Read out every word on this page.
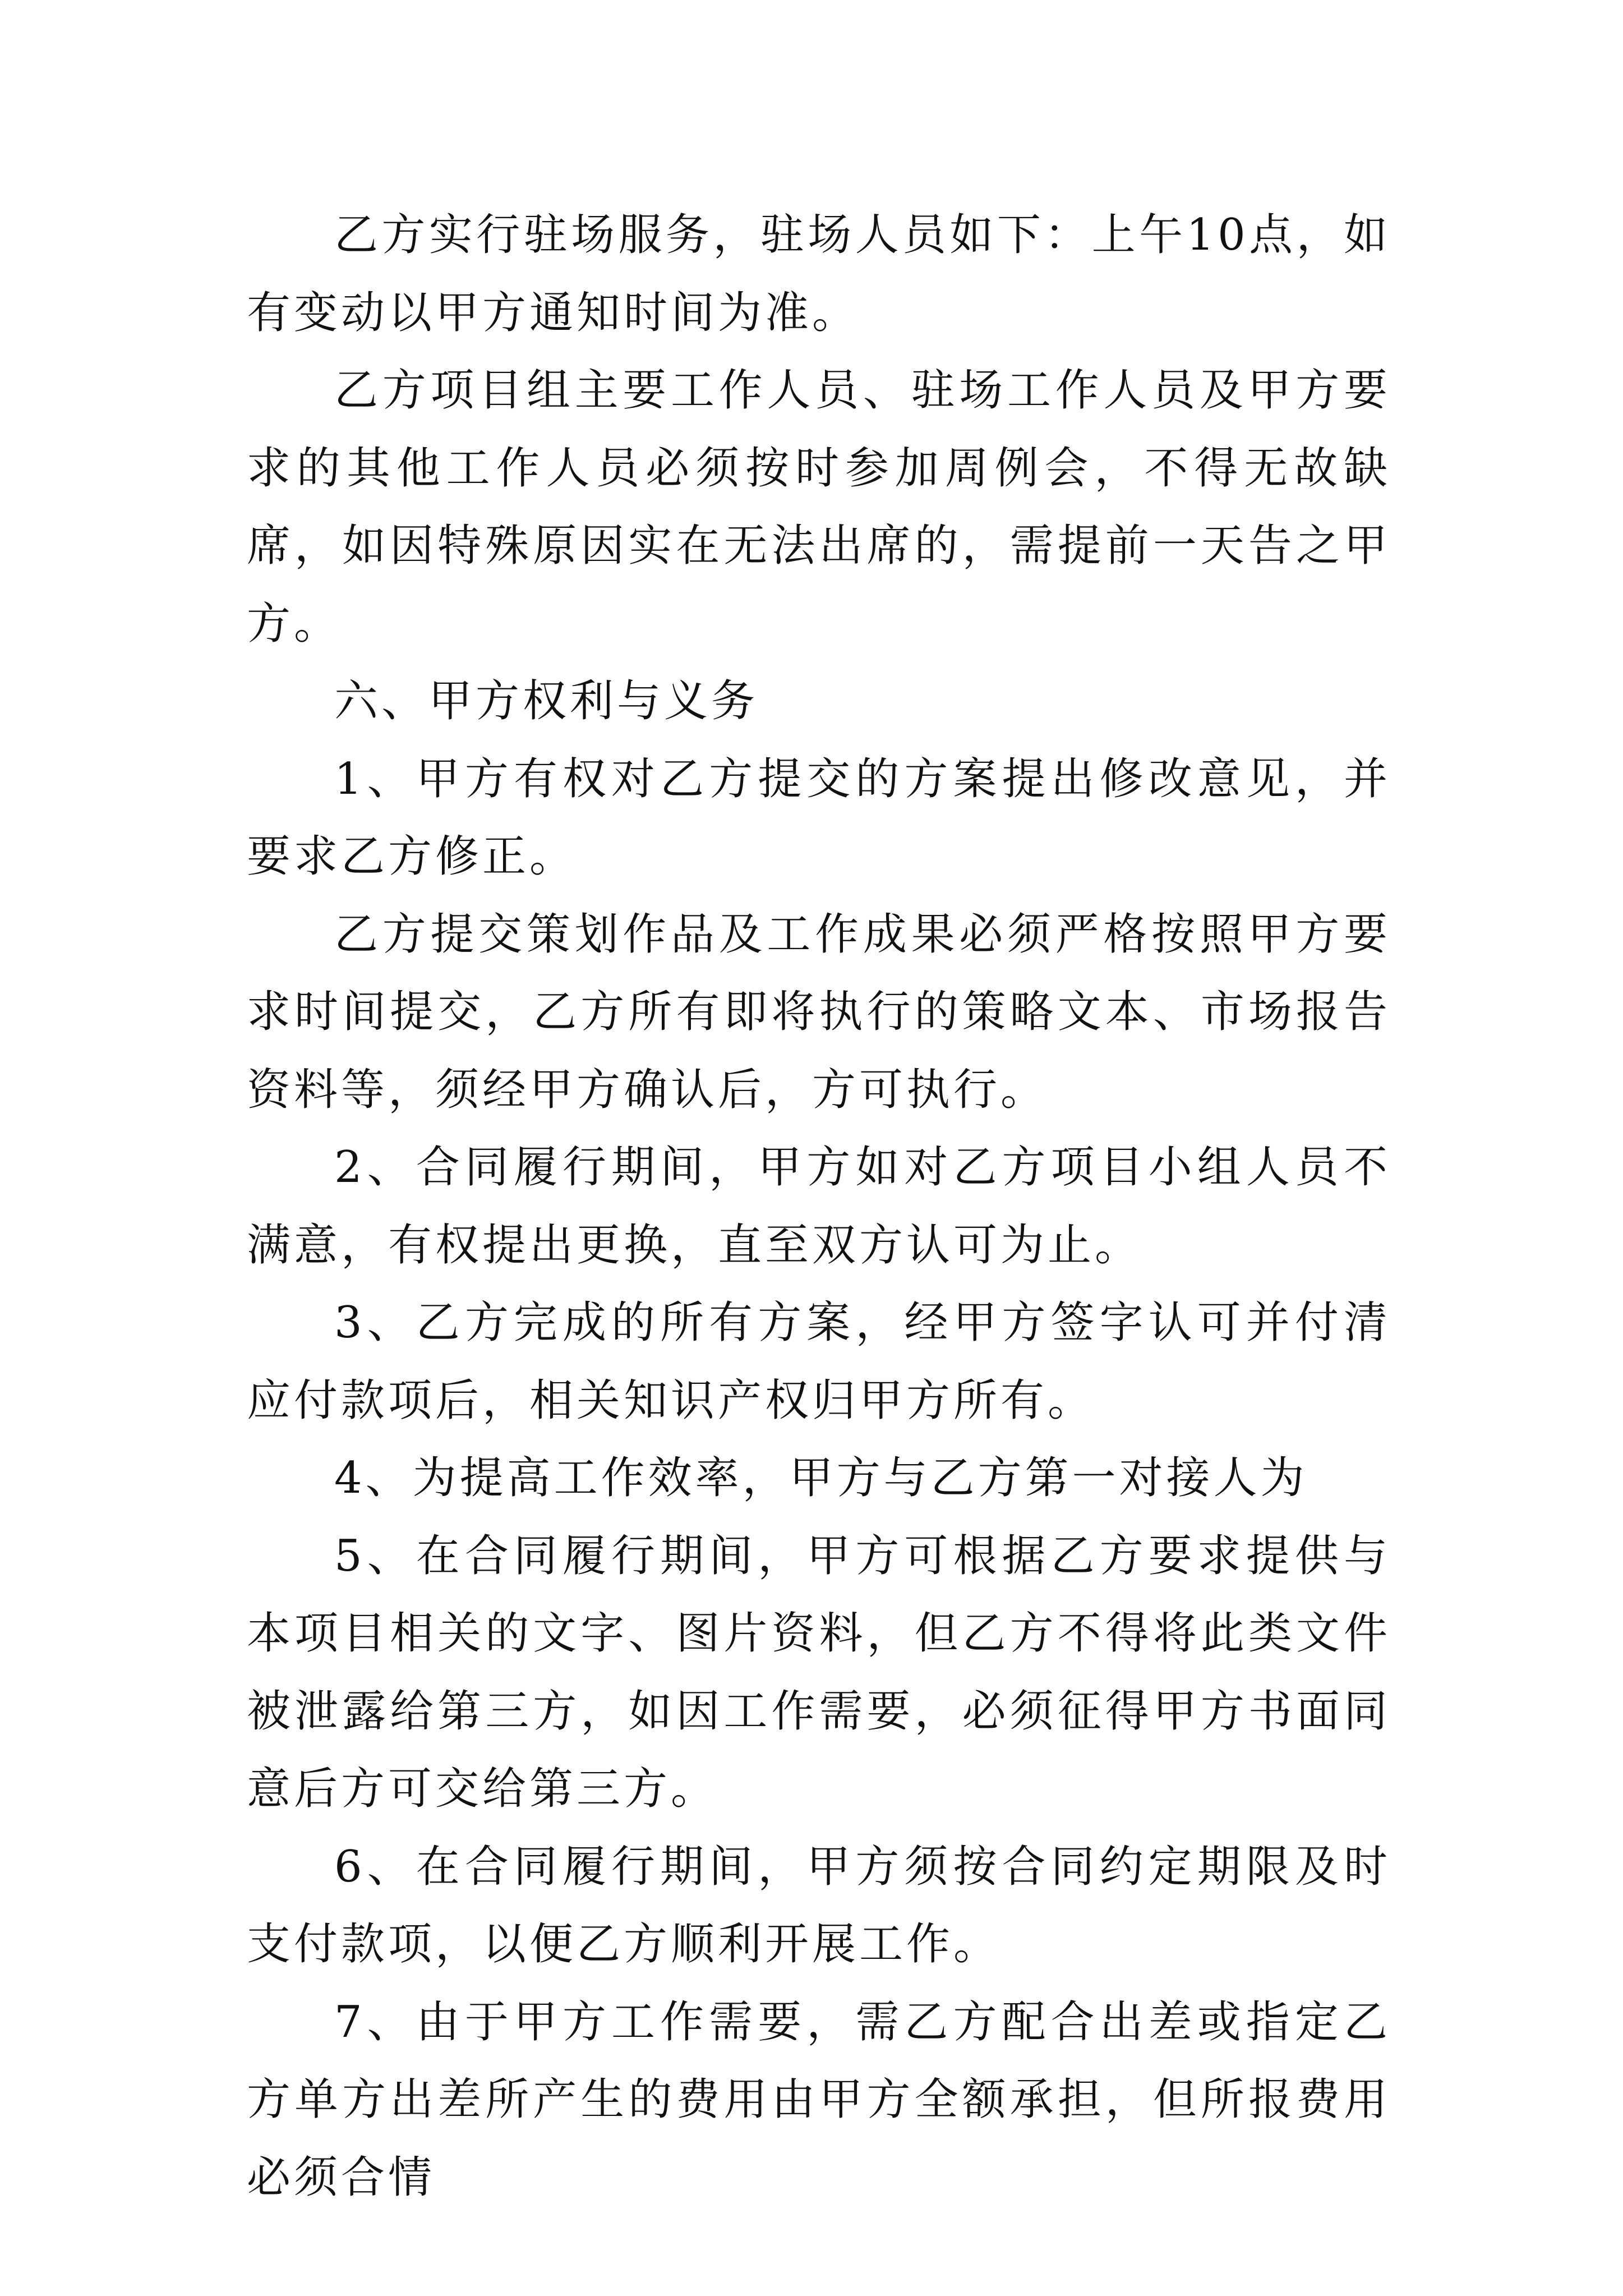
乙方实行驻场服务，驻场人员如下：上午10点，如有变动以甲方通知时间为准。

乙方项目组主要工作人员、驻场工作人员及甲方要求的其他工作人员必须按时参加周例会，不得无故缺席，如因特殊原因实在无法出席的，需提前一天告之甲方。

六、甲方权利与义务

1、甲方有权对乙方提交的方案提出修改意见，并要求乙方修正。

乙方提交策划作品及工作成果必须严格按照甲方要求时间提交，乙方所有即将执行的策略文本、市场报告资料等，须经甲方确认后，方可执行。

2、合同履行期间，甲方如对乙方项目小组人员不满意，有权提出更换，直至双方认可为止。

3、乙方完成的所有方案，经甲方签字认可并付清应付款项后，相关知识产权归甲方所有。

4、为提高工作效率，甲方与乙方第一对接人为

5、在合同履行期间，甲方可根据乙方要求提供与本项目相关的文字、图片资料，但乙方不得将此类文件被泄露给第三方，如因工作需要，必须征得甲方书面同意后方可交给第三方。

6、在合同履行期间，甲方须按合同约定期限及时支付款项，以便乙方顺利开展工作。

7、由于甲方工作需要，需乙方配合出差或指定乙方单方出差所产生的费用由甲方全额承担，但所报费用必须合情
